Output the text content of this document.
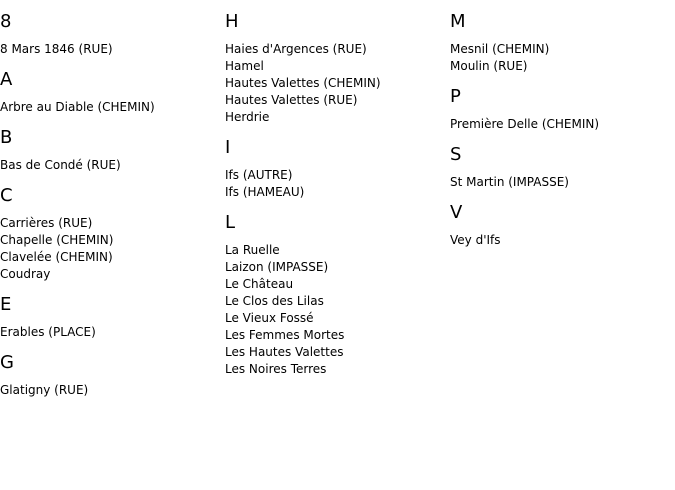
8
8 Mars 1846 (RUE)
A
Arbre au Diable (CHEMIN)
B
Bas de Condé (RUE)
C
Carrières (RUE)
Chapelle (CHEMIN)
Clavelée (CHEMIN)
Coudray
E
Erables (PLACE)
G
Glatigny (RUE)
H
Haies d'Argences (RUE)
Hamel
Hautes Valettes (CHEMIN)
Hautes Valettes (RUE)
Herdrie
I
Ifs (AUTRE)
Ifs (HAMEAU)
L
La Ruelle
Laizon (IMPASSE)
Le Château
Le Clos des Lilas
Le Vieux Fossé
Les Femmes Mortes
Les Hautes Valettes
Les Noires Terres
M
Mesnil (CHEMIN)
Moulin (RUE)
P
Première Delle (CHEMIN)
S
St Martin (IMPASSE)
V
Vey d'Ifs
